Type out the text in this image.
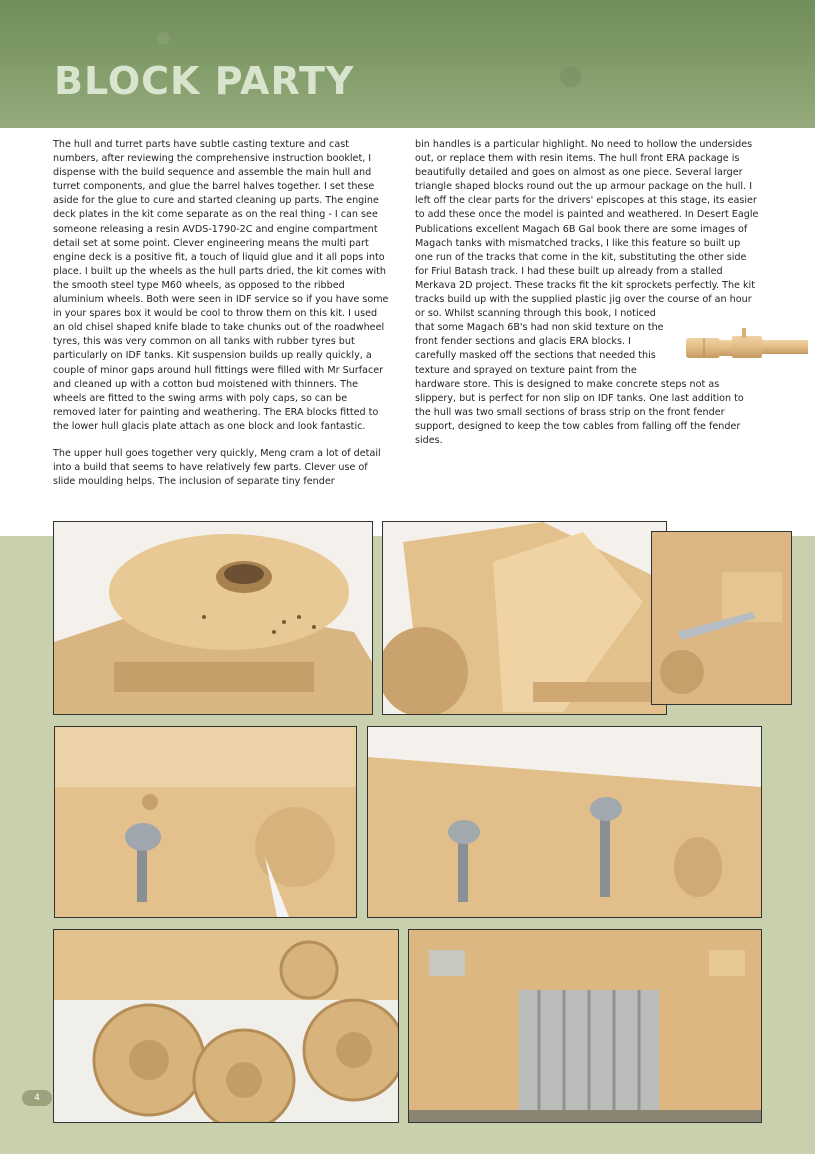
BLOCK PARTY

The hull and turret parts have subtle casting texture and cast numbers, after reviewing the comprehensive instruction booklet, I dispense with the build sequence and assemble the main hull and turret components, and glue the barrel halves together. I set these aside for the glue to cure and started cleaning up parts. The engine deck plates in the kit come separate as on the real thing - I can see someone releasing a resin AVDS-1790-2C and engine compartment detail set at some point. Clever engineering means the multi part engine deck is a positive fit, a touch of liquid glue and it all pops into place. I built up the wheels as the hull parts dried, the kit comes with the smooth steel type M60 wheels, as opposed to the ribbed aluminium wheels. Both were seen in IDF service so if you have some in your spares box it would be cool to throw them on this kit. I used an old chisel shaped knife blade to take chunks out of the roadwheel tyres, this was very common on all tanks with rubber tyres but particularly on IDF tanks. Kit suspension builds up really quickly, a couple of minor gaps around hull fittings were filled with Mr Surfacer and cleaned up with a cotton bud moistened with thinners. The wheels are fitted to the swing arms with poly caps, so can be removed later for painting and weathering. The ERA blocks fitted to the lower hull glacis plate attach as one block and look fantastic.

The upper hull goes together very quickly, Meng cram a lot of detail into a build that seems to have relatively few parts. Clever use of slide moulding helps. The inclusion of separate tiny fender

bin handles is a particular highlight. No need to hollow the undersides out, or replace them with resin items. The hull front ERA package is beautifully detailed and goes on almost as one piece. Several larger triangle shaped blocks round out the up armour package on the hull. I left off the clear parts for the drivers' episcopes at this stage, its easier to add these once the model is painted and weathered. In Desert Eagle Publications excellent Magach 6B Gal book there are some images of Magach tanks with mismatched tracks, I like this feature so built up one run of the tracks that come in the kit, substituting the other side for Friul Batash track. I had these built up already from a stalled Merkava 2D project. These tracks fit the kit sprockets perfectly. The kit tracks build up with the supplied plastic jig over the course of an hour or so. Whilst scanning through this book, I noticed that some Magach 6B's had non skid texture on the front fender sections and glacis ERA blocks. I carefully masked off the sections that needed this texture and sprayed on texture paint from the hardware store. This is designed to make concrete steps not as slippery, but is perfect for non slip on IDF tanks. One last addition to the hull was two small sections of brass strip on the front fender support, designed to keep the tow cables from falling off the fender sides.

4
